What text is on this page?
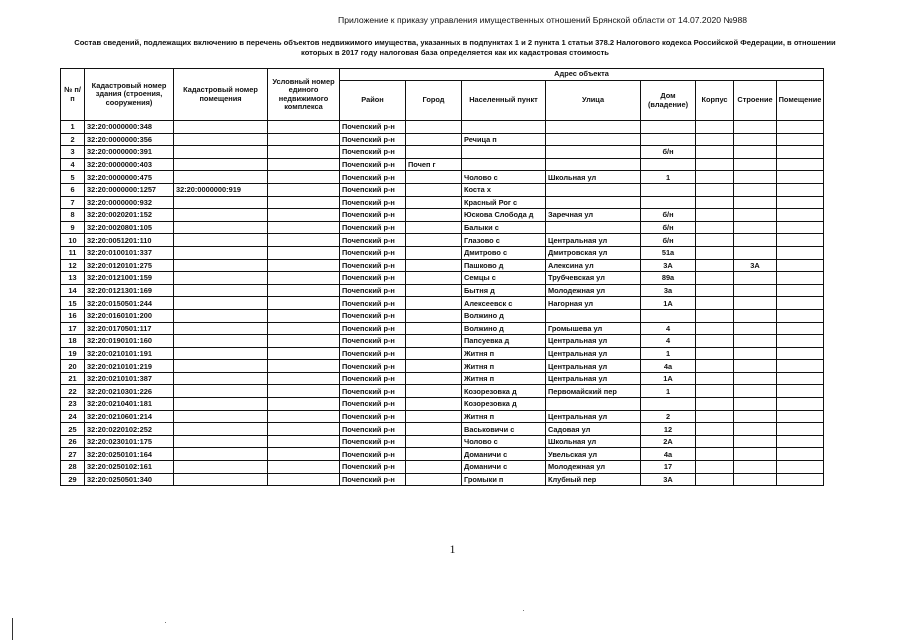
Приложение к приказу управления имущественных отношений Брянской области от 14.07.2020 №988
Состав сведений, подлежащих включению в перечень объектов недвижимого имущества, указанных в подпунктах 1 и 2 пункта 1 статьи 378.2 Налогового кодекса Российской Федерации, в отношении которых в 2017 году налоговая база определяется как их кадастровая стоимость
№ п/п	Кадастровый номер здания (строения, сооружения)	Кадастровый номер помещения	Условный номер единого недвижимого комплекса	Адрес объекта							
				Район	Город	Населенный пункт	Улица	Дом (владение)	Корпус	Строение	Помещение
1	32:20:0000000:348			Почепский р-н							
2	32:20:0000000:356			Почепский р-н		Речица п					
3	32:20:0000000:391			Почепский р-н				б/н			
4	32:20:0000000:403			Почепский р-н	Почеп г						
5	32:20:0000000:475			Почепский р-н		Чолово с	Школьная ул	1			
6	32:20:0000000:1257	32:20:0000000:919		Почепский р-н		Коста х					
7	32:20:0000000:932			Почепский р-н		Красный Рог с					
8	32:20:0020201:152			Почепский р-н		Юскова Слобода д	Заречная ул	б/н			
9	32:20:0020801:105			Почепский р-н		Балыки с		б/н			
10	32:20:0051201:110			Почепский р-н		Глазово с	Центральная ул	б/н			
11	32:20:0100101:337			Почепский р-н		Дмитрово с	Дмитровская ул	51а			
12	32:20:0120101:275			Почепский р-н		Пашково д	Алексина ул	3А		3А	
13	32:20:0121001:159			Почепский р-н		Семцы с	Трубчевская ул	89а			
14	32:20:0121301:169			Почепский р-н		Бытня д	Молодежная ул	3а			
15	32:20:0150501:244			Почепский р-н		Алексеевск с	Нагорная ул	1А			
16	32:20:0160101:200			Почепский р-н		Волжино д					
17	32:20:0170501:117			Почепский р-н		Волжино д	Громышева ул	4			
18	32:20:0190101:160			Почепский р-н		Папсуевка д	Центральная ул	4			
19	32:20:0210101:191			Почепский р-н		Житня п	Центральная ул	1			
20	32:20:0210101:219			Почепский р-н		Житня п	Центральная ул	4а			
21	32:20:0210101:387			Почепский р-н		Житня п	Центральная ул	1А			
22	32:20:0210301:226			Почепский р-н		Козорезовка д	Первомайский пер	1			
23	32:20:0210401:181			Почепский р-н		Козорезовка д					
24	32:20:0210601:214			Почепский р-н		Житня п	Центральная ул	2			
25	32:20:0220102:252			Почепский р-н		Васьковичи с	Садовая ул	12			
26	32:20:0230101:175			Почепский р-н		Чолово с	Школьная ул	2А			
27	32:20:0250101:164			Почепский р-н		Доманичи с	Увельская ул	4а			
28	32:20:0250102:161			Почепский р-н		Доманичи с	Молодежная ул	17			
29	32:20:0250501:340			Почепский р-н		Громыки п	Клубный пер	3А			
1
